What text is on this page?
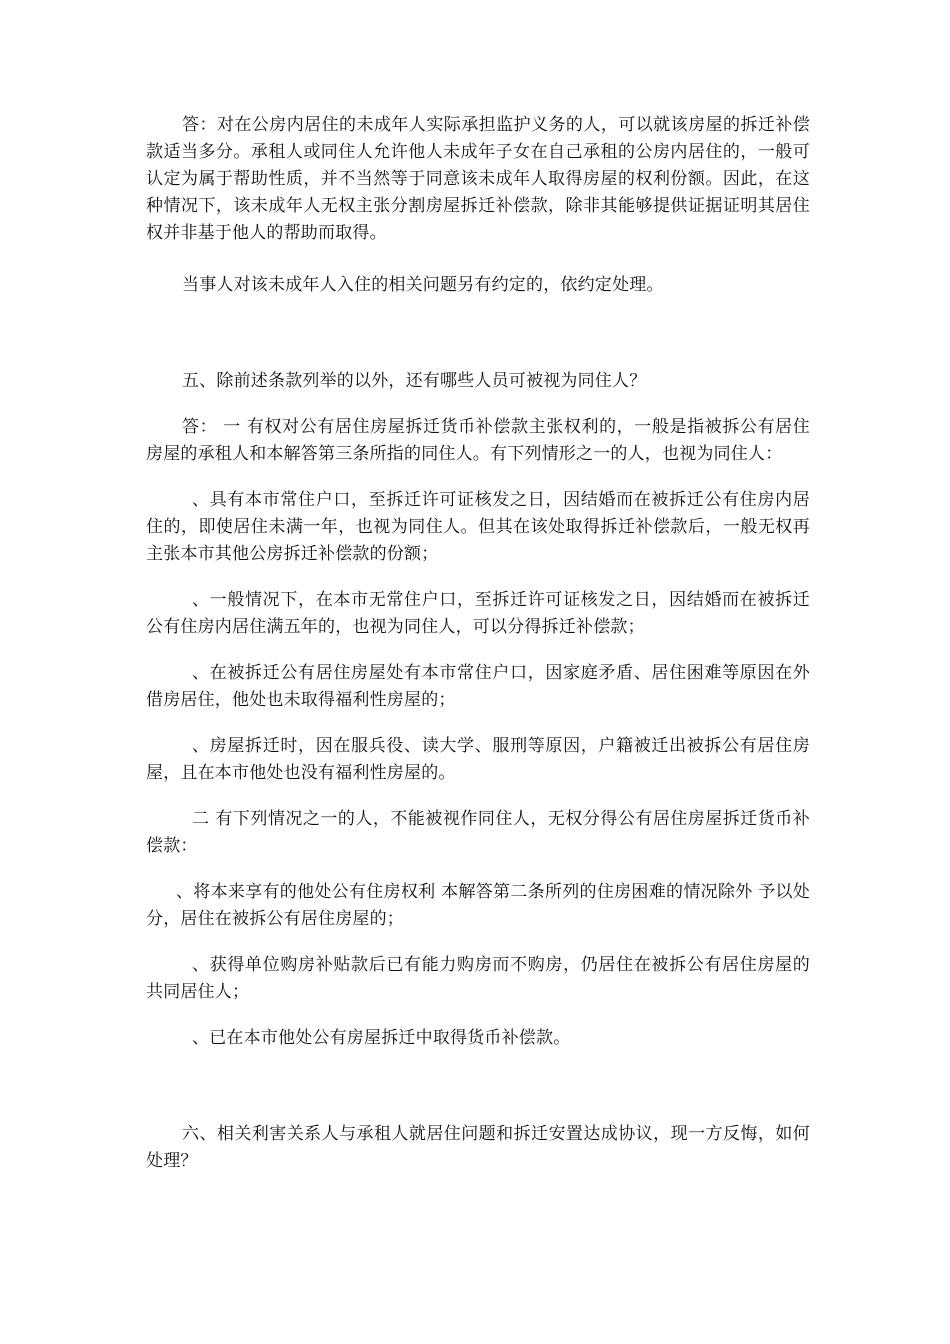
答：对在公房内居住的未成年人实际承担监护义务的人，可以就该房屋的拆迁补偿款适当多分。承租人或同住人允许他人未成年子女在自己承租的公房内居住的，一般可认定为属于帮助性质，并不当然等于同意该未成年人取得房屋的权利份额。因此，在这种情况下，该未成年人无权主张分割房屋拆迁补偿款，除非其能够提供证据证明其居住权并非基于他人的帮助而取得。

当事人对该未成年人入住的相关问题另有约定的，依约定处理。

五、除前述条款列举的以外，还有哪些人员可被视为同住人？

答： 一 有权对公有居住房屋拆迁货币补偿款主张权利的，一般是指被拆公有居住房屋的承租人和本解答第三条所指的同住人。有下列情形之一的人，也视为同住人：

、具有本市常住户口，至拆迁许可证核发之日，因结婚而在被拆迁公有住房内居住的，即使居住未满一年，也视为同住人。但其在该处取得拆迁补偿款后，一般无权再主张本市其他公房拆迁补偿款的份额；

、一般情况下，在本市无常住户口，至拆迁许可证核发之日，因结婚而在被拆迁公有住房内居住满五年的，也视为同住人，可以分得拆迁补偿款；

、在被拆迁公有居住房屋处有本市常住户口，因家庭矛盾、居住困难等原因在外借房居住，他处也未取得福利性房屋的；

、房屋拆迁时，因在服兵役、读大学、服刑等原因，户籍被迁出被拆公有居住房屋，且在本市他处也没有福利性房屋的。

二 有下列情况之一的人，不能被视作同住人，无权分得公有居住房屋拆迁货币补偿款：

、将本来享有的他处公有住房权利 本解答第二条所列的住房困难的情况除外 予以处分，居住在被拆公有居住房屋的；

、获得单位购房补贴款后已有能力购房而不购房，仍居住在被拆公有居住房屋的共同居住人；

、已在本市他处公有房屋拆迁中取得货币补偿款。

六、相关利害关系人与承租人就居住问题和拆迁安置达成协议，现一方反悔，如何处理？
